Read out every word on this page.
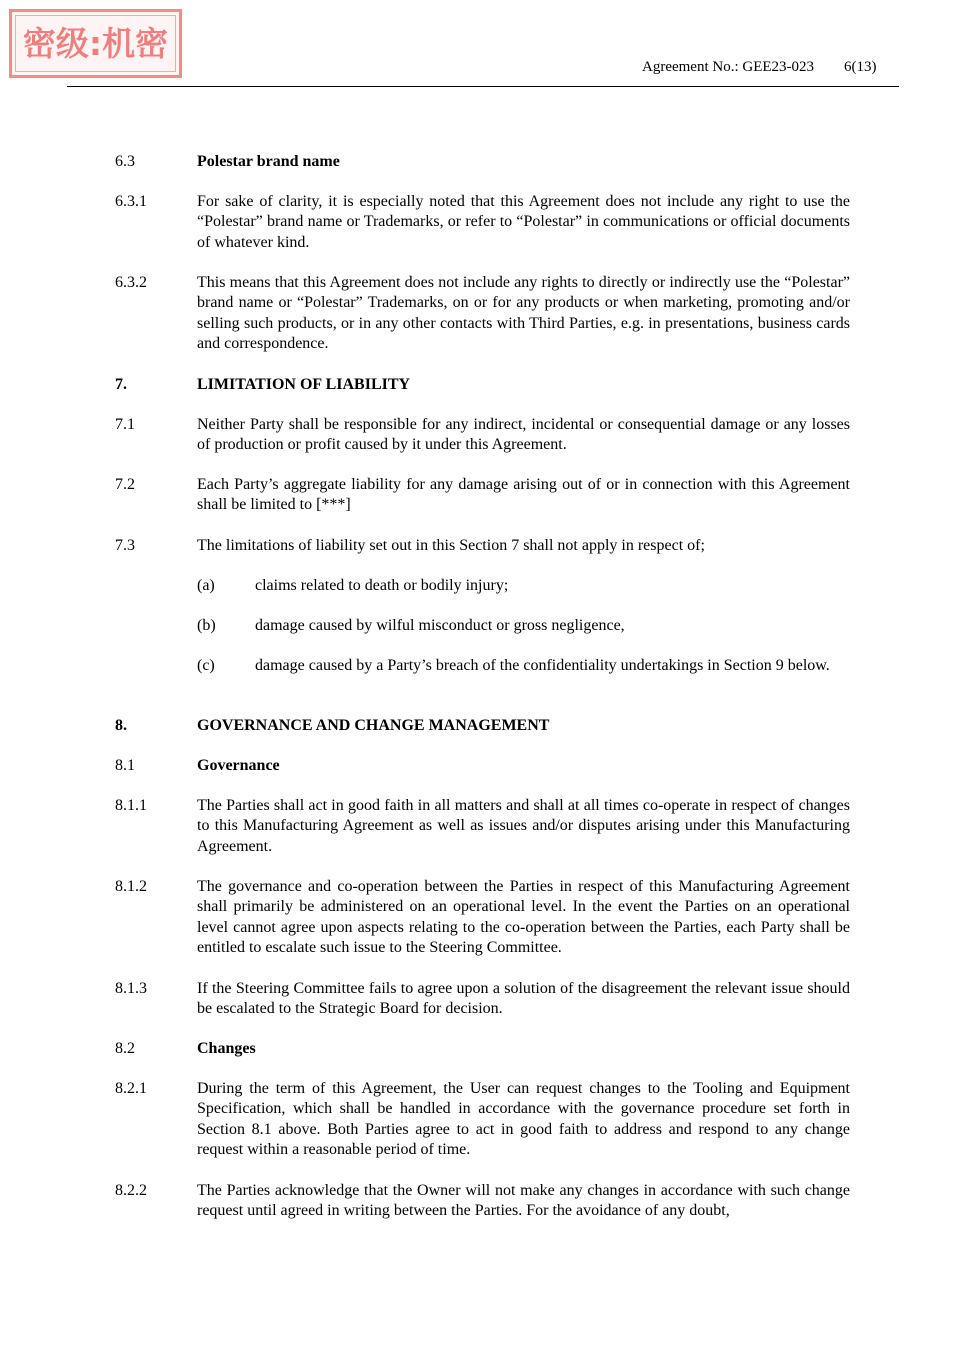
密级:机密
Agreement No.: GEE23-023 6(13)
6.3	Polestar brand name
6.3.1	For sake of clarity, it is especially noted that this Agreement does not include any right to use the “Polestar” brand name or Trademarks, or refer to “Polestar” in communications or official documents of whatever kind.
6.3.2	This means that this Agreement does not include any rights to directly or indirectly use the “Polestar” brand name or “Polestar” Trademarks, on or for any products or when marketing, promoting and/or selling such products, or in any other contacts with Third Parties, e.g. in presentations, business cards and correspondence.
7.	LIMITATION OF LIABILITY
7.1	Neither Party shall be responsible for any indirect, incidental or consequential damage or any losses of production or profit caused by it under this Agreement.
7.2	Each Party’s aggregate liability for any damage arising out of or in connection with this Agreement shall be limited to [***]
7.3	The limitations of liability set out in this Section 7 shall not apply in respect of;
(a)	claims related to death or bodily injury;
(b) damage caused by wilful misconduct or gross negligence,
(c)	damage caused by a Party’s breach of the confidentiality undertakings in Section 9 below.
8.	GOVERNANCE AND CHANGE MANAGEMENT
8.1	Governance
8.1.1	The Parties shall act in good faith in all matters and shall at all times co-operate in respect of changes to this Manufacturing Agreement as well as issues and/or disputes arising under this Manufacturing Agreement.
8.1.2	The governance and co-operation between the Parties in respect of this Manufacturing Agreement shall primarily be administered on an operational level. In the event the Parties on an operational level cannot agree upon aspects relating to the co-operation between the Parties, each Party shall be entitled to escalate such issue to the Steering Committee.
8.1.3	If the Steering Committee fails to agree upon a solution of the disagreement the relevant issue should be escalated to the Strategic Board for decision.
8.2	Changes
8.2.1	During the term of this Agreement, the User can request changes to the Tooling and Equipment Specification, which shall be handled in accordance with the governance procedure set forth in Section 8.1 above. Both Parties agree to act in good faith to address and respond to any change request within a reasonable period of time.
8.2.2	The Parties acknowledge that the Owner will not make any changes in accordance with such change request until agreed in writing between the Parties. For the avoidance of any doubt,
